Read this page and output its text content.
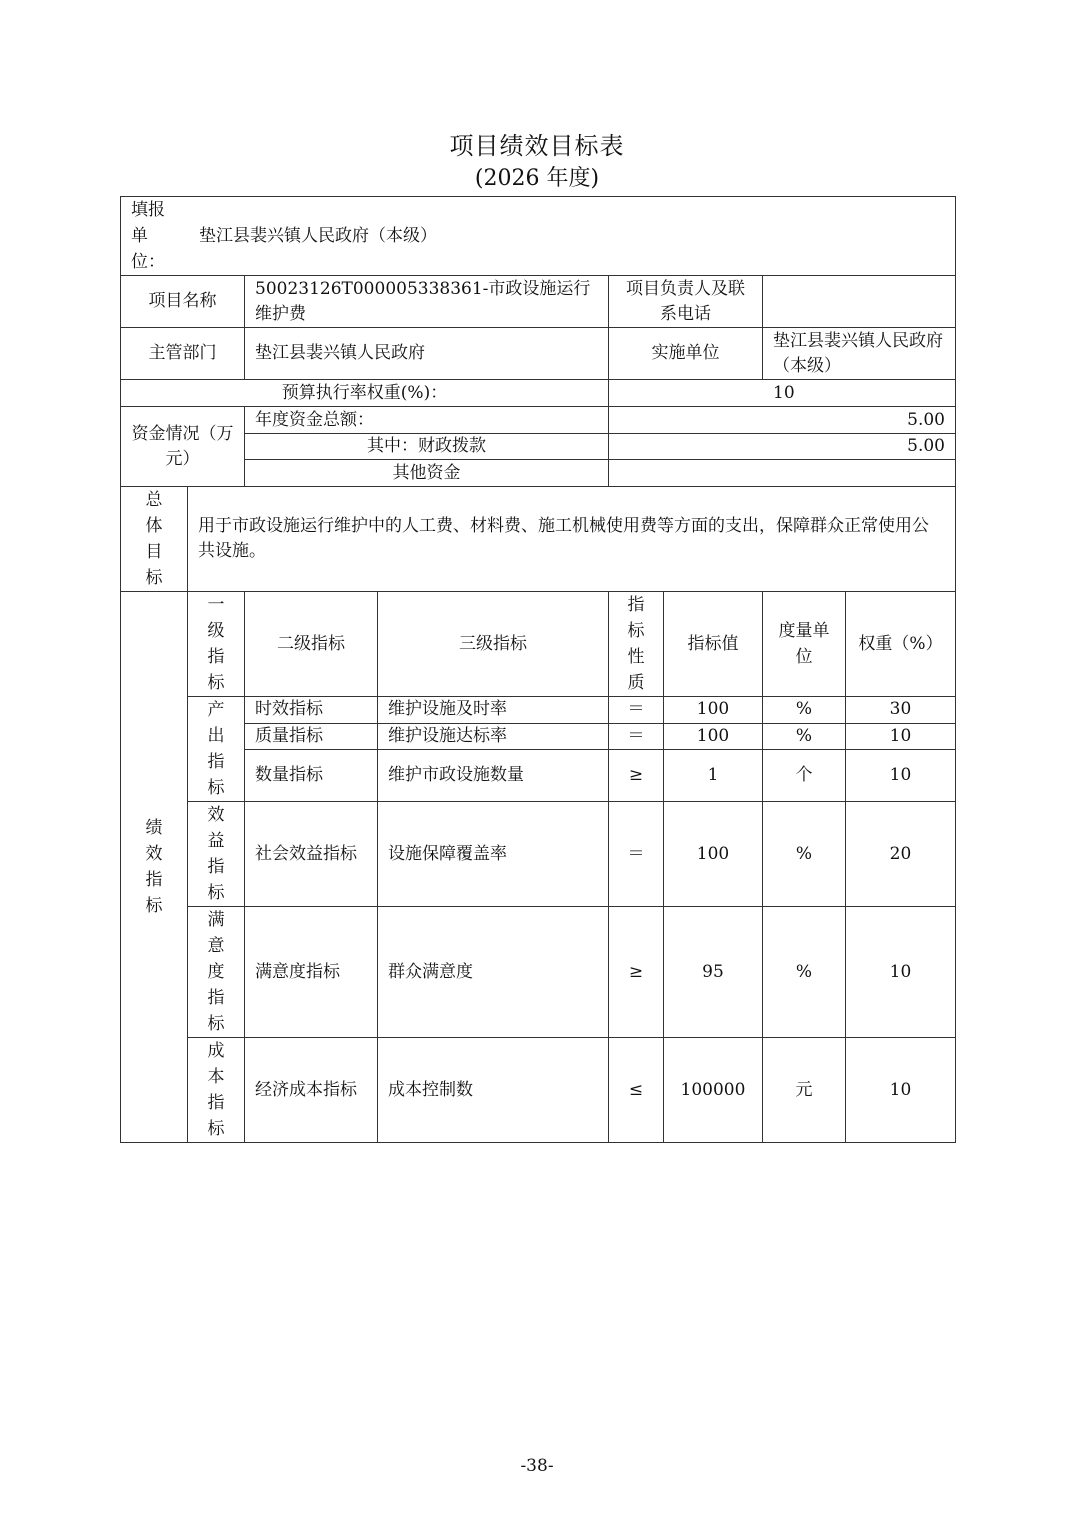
项目绩效目标表
(2026 年度)
填报单位：
垫江县裴兴镇人民政府（本级）							

项目名称		50023126T000005338361-市政设施运行维护费		项目负责人及联系电话			
主管部门		垫江县裴兴镇人民政府		实施单位		垫江县裴兴镇人民政府（本级）	
预算执行率权重(%)：				10			
资金情况（万元）		年度资金总额：		5.00			
		其中：财政拨款		5.00			
		其他资金					

总体目标	用于市政设施运行维护中的人工费、材料费、施工机械使用费等方面的支出，保障群众正常使用公共设施。						

绩效指标	一级指标	二级指标	三级指标	指标性质	指标值	度量单位	权重（%）

	产出指标	时效指标	维护设施及时率	＝	100	%	30
		质量指标	维护设施达标率	＝	100	%	10
		数量指标	维护市政设施数量	≥	1	个	10

	效益指标	社会效益指标	设施保障覆盖率	＝	100	%	20

	满意度指标	满意度指标	群众满意度	≥	95	%	10

	成本指标	经济成本指标	成本控制数	≤	100000	元	10
-38-
